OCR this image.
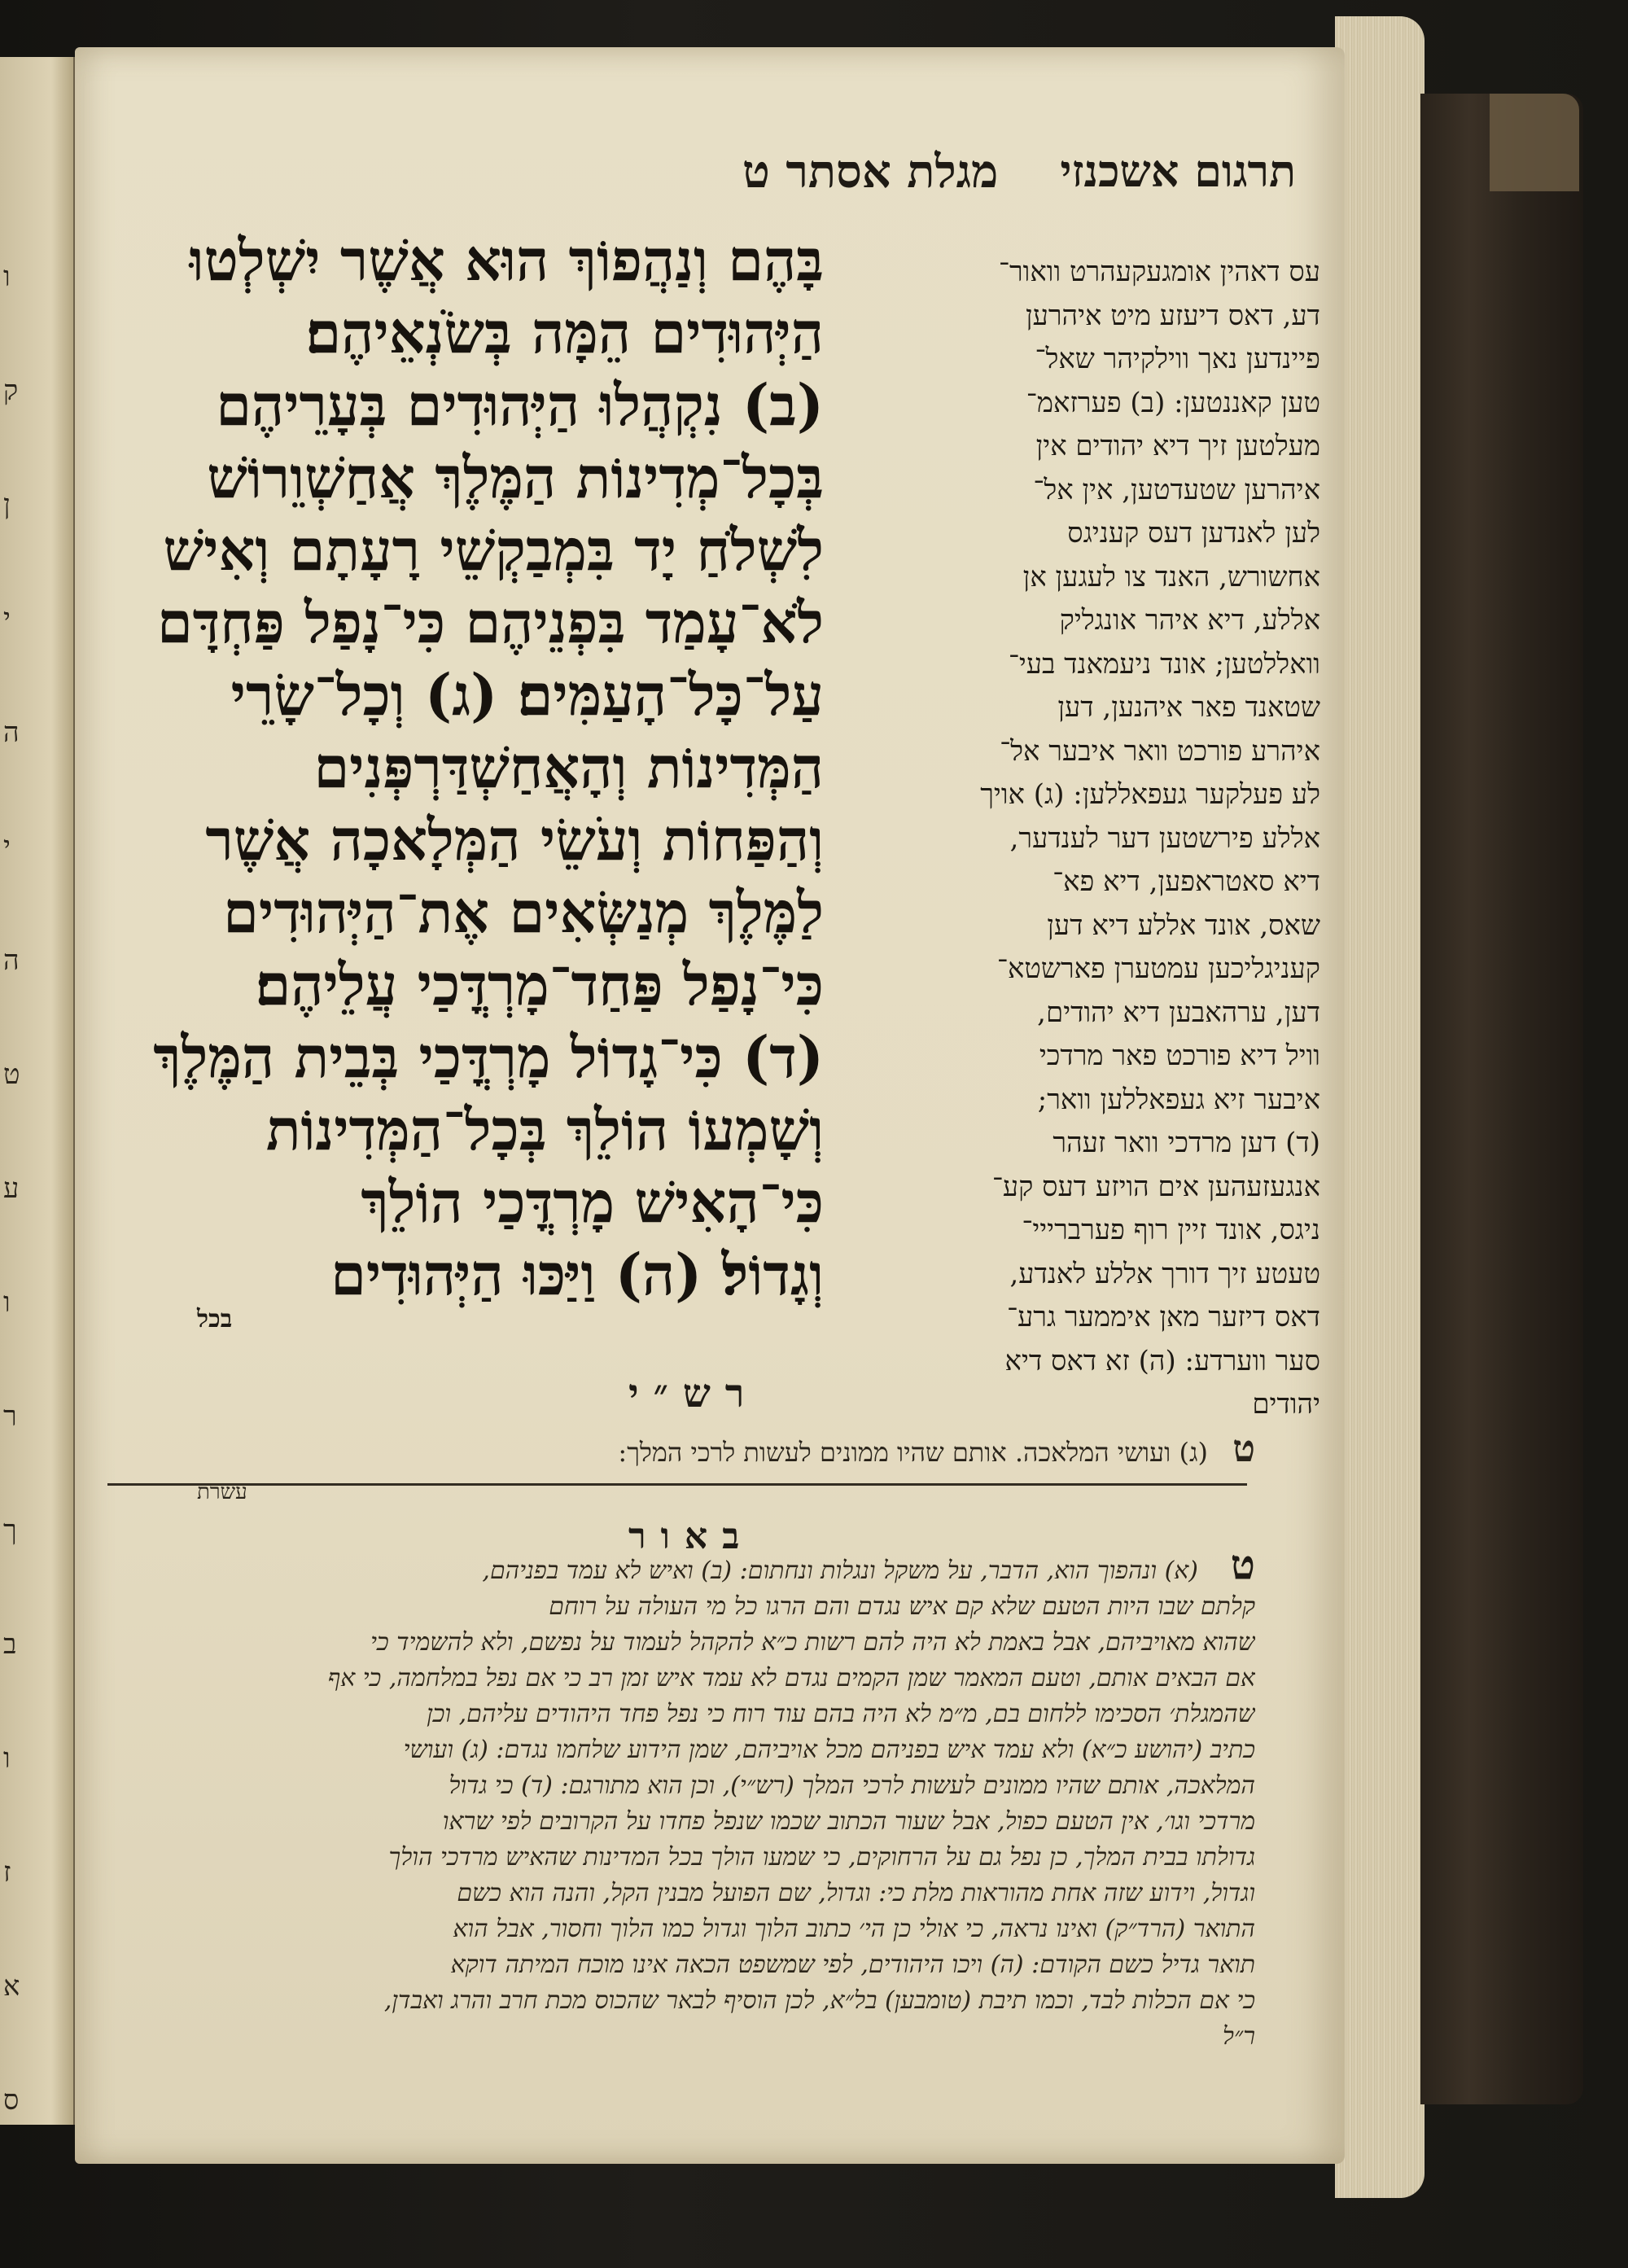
ו
ק
ן
י
ה
י
ה
ט
ע
ו
ר
ך
ב
ו
ז
א
ס
תרגום אשכנזי
מגלת אסתר ט
בָּהֶם וְנַהֲפוֹךְ הוּא אֲשֶׁר יִשְׁלְטוּ
הַיְּהוּדִים הֵמָּה בְּשֹׂנְאֵיהֶם׃
(ב) נִקְהֲלוּ הַיְּהוּדִים בְּעָרֵיהֶם
בְּכָל־מְדִינוֹת הַמֶּלֶךְ אֲחַשְׁוֵרוֹשׁ
לִשְׁלֹחַ יָד בִּמְבַקְשֵׁי רָעָתָם וְאִישׁ
לֹא־עָמַד בִּפְנֵיהֶם כִּי־נָפַל פַּחְדָּם
עַל־כָּל־הָעַמִּים׃ (ג) וְכָל־שָׂרֵי
הַמְּדִינוֹת וְהָאֲחַשְׁדַּרְפְּנִים
וְהַפַּחוֹת וְעֹשֵׂי הַמְּלָאכָה אֲשֶׁר
לַמֶּלֶךְ מְנַשְּׂאִים אֶת־הַיְּהוּדִים
כִּי־נָפַל פַּחַד־מָרְדֳּכַי עֲלֵיהֶם׃
(ד) כִּי־גָדוֹל מָרְדֳּכַי בְּבֵית הַמֶּלֶךְ
וְשָׁמְעוֹ הוֹלֵךְ בְּכָל־הַמְּדִינוֹת
כִּי־הָאִישׁ מָרְדֳּכַי הוֹלֵךְ
וְגָדוֹל׃ (ה) וַיַּכּוּ הַיְּהוּדִים
עס דאהין אומגעקעהרט וואור־
דע, דאס דיעזע מיט איהרען
פיינדען נאך ווילקיהר שאל־
טען קאננטען: (ב) פערזאמ־
מעלטען זיך דיא יהודים אין
איהרען שטעדטען, אין אל־
לען לאנדען דעס קעניגס
אחשורש, האנד צו לעגען אן
אללע, דיא איהר אונגליק
וואללטען; אונד ניעמאנד בעי־
שטאנד פאר איהנען, דען
איהרע פורכט וואר איבער אל־
לע פעלקער געפאללען: (ג) אויך
אללע פירשטען דער לענדער,
דיא סאטראפען, דיא פא־
שאס, אונד אללע דיא דען
קעניגליכען עמטערן פארשטא־
דען, ערהאבען דיא יהודים,
וויל דיא פורכט פאר מרדכי
איבער זיא געפאללען וואר;
(ד) דען מרדכי וואר זעהר
אנגעזעהען אים הויזע דעס קע־
ניגס, אונד זיין רוף פערברייי־
טעטע זיך דורך אללע לאנדע,
דאס דיזער מאן איממער גרע־
סער ווערדע: (ה) זא דאס דיא
יהודים
בכל
רש״י
ט (ג) ועושי המלאכה. אותם שהיו ממונים לעשות לרכי המלך:
עשרת
באור
ט
(א) ונהפוך הוא, הדבר, על משקל ונגלות ונחתום: (ב) ואיש לא עמד בפניהם,
קלתם שבו היות הטעם שלא קם איש נגדם והם הרגו כל מי העולה על רוחם
שהוא מאויביהם, אבל באמת לא היה להם רשות כ״א להקהל לעמוד על נפשם, ולא להשמיד כי
אם הבאים אותם, וטעם המאמר שמן הקמים נגדם לא עמד איש זמן רב כי אם נפל במלחמה, כי אף
שהמגלת׳ הסכימו ללחום בם, מ״מ לא היה בהם עוד רוח כי נפל פחד היהודים עליהם, וכן
כתיב (יהושע כ״א) ולא עמד איש בפניהם מכל אויביהם, שמן הידוע שלחמו נגדם: (ג) ועושי
המלאכה, אותם שהיו ממונים לעשות לרכי המלך (רש״י), וכן הוא מתורגם: (ד) כי גדול
מרדכי וגו׳, אין הטעם כפול, אבל שעור הכתוב שכמו שנפל פחדו על הקרובים לפי שראו
גדולתו בבית המלך, כן נפל גם על הרחוקים, כי שמעו הולך בכל המדינות שהאיש מרדכי הולך
וגדול, וידוע שזה אחת מהוראות מלת כי: וגדול, שם הפועל מבנין הקל, והנה הוא כשם
התואר (הרד״ק) ואינו נראה, כי אולי כן הי׳ כתוב הלוך וגדול כמו הלוך וחסור, אבל הוא
תואר גדיל כשם הקודם: (ה) ויכו היהודים, לפי שמשפט הכאה אינו מוכח המיתה דוקא
כי אם הכלות לבד, וכמו תיבת (טומבען) בל״א, לכן הוסיף לבאר שהכוס מכת חרב והרג ואבדן,
ר״ל
